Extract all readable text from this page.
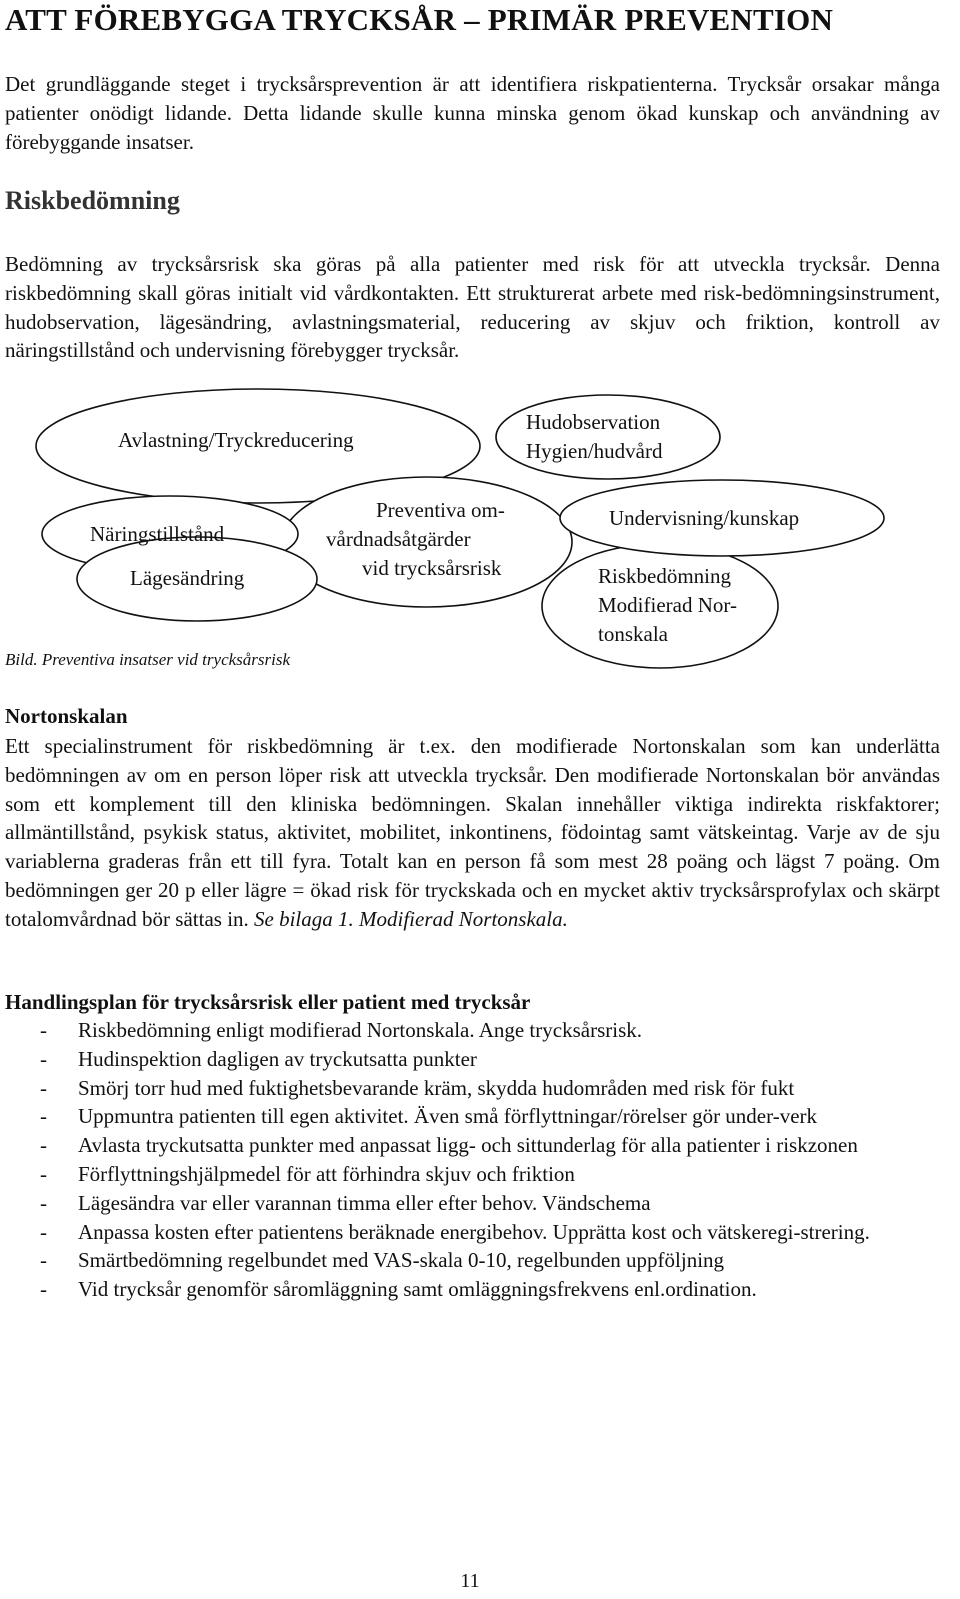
ATT FÖREBYGGA TRYCKSÅR – PRIMÄR PREVENTION

Det grundläggande steget i trycksårsprevention är att identifiera riskpatienterna. Trycksår orsakar många patienter onödigt lidande. Detta lidande skulle kunna minska genom ökad kunskap och användning av förebyggande insatser.

Riskbedömning

Bedömning av trycksårsrisk ska göras på alla patienter med risk för att utveckla trycksår. Denna riskbedömning skall göras initialt vid vårdkontakten. Ett strukturerat arbete med risk-bedömningsinstrument, hudobservation, lägesändring, avlastningsmaterial, reducering av skjuv och friktion, kontroll av näringstillstånd och undervisning förebygger trycksår.

Avlastning/Tryckreducering
Hudobservation
Hygien/hudvård
Näringstillstånd
Lägesändring
Preventiva om-
vårdnadsåtgärder
vid trycksårsrisk
Undervisning/kunskap
Riskbedömning
Modifierad Nor-
tonskala
Bild. Preventiva insatser vid trycksårsrisk
Nortonskalan

Ett specialinstrument för riskbedömning är t.ex. den modifierade Nortonskalan som kan underlätta bedömningen av om en person löper risk att utveckla trycksår. Den modifierade Nortonskalan bör användas som ett komplement till den kliniska bedömningen. Skalan innehåller viktiga indirekta riskfaktorer; allmäntillstånd, psykisk status, aktivitet, mobilitet, inkontinens, födointag samt vätskeintag. Varje av de sju variablerna graderas från ett till fyra. Totalt kan en person få som mest 28 poäng och lägst 7 poäng. Om bedömningen ger 20 p eller lägre = ökad risk för tryckskada och en mycket aktiv trycksårsprofylax och skärpt totalomvårdnad bör sättas in. Se bilaga 1. Modifierad Nortonskala.

Handlingsplan för trycksårsrisk eller patient med trycksår
- Riskbedömning enligt modifierad Nortonskala. Ange trycksårsrisk.
- Hudinspektion dagligen av tryckutsatta punkter
- Smörj torr hud med fuktighetsbevarande kräm, skydda hudområden med risk för fukt
- Uppmuntra patienten till egen aktivitet. Även små förflyttningar/rörelser gör under-verk
- Avlasta tryckutsatta punkter med anpassat ligg- och sittunderlag för alla patienter i riskzonen
- Förflyttningshjälpmedel för att förhindra skjuv och friktion
- Lägesändra var eller varannan timma eller efter behov. Vändschema
- Anpassa kosten efter patientens beräknade energibehov. Upprätta kost och vätskeregi-strering.
- Smärtbedömning regelbundet med VAS-skala 0-10, regelbunden uppföljning
- Vid trycksår genomför såromläggning samt omläggningsfrekvens enl.ordination.
11
